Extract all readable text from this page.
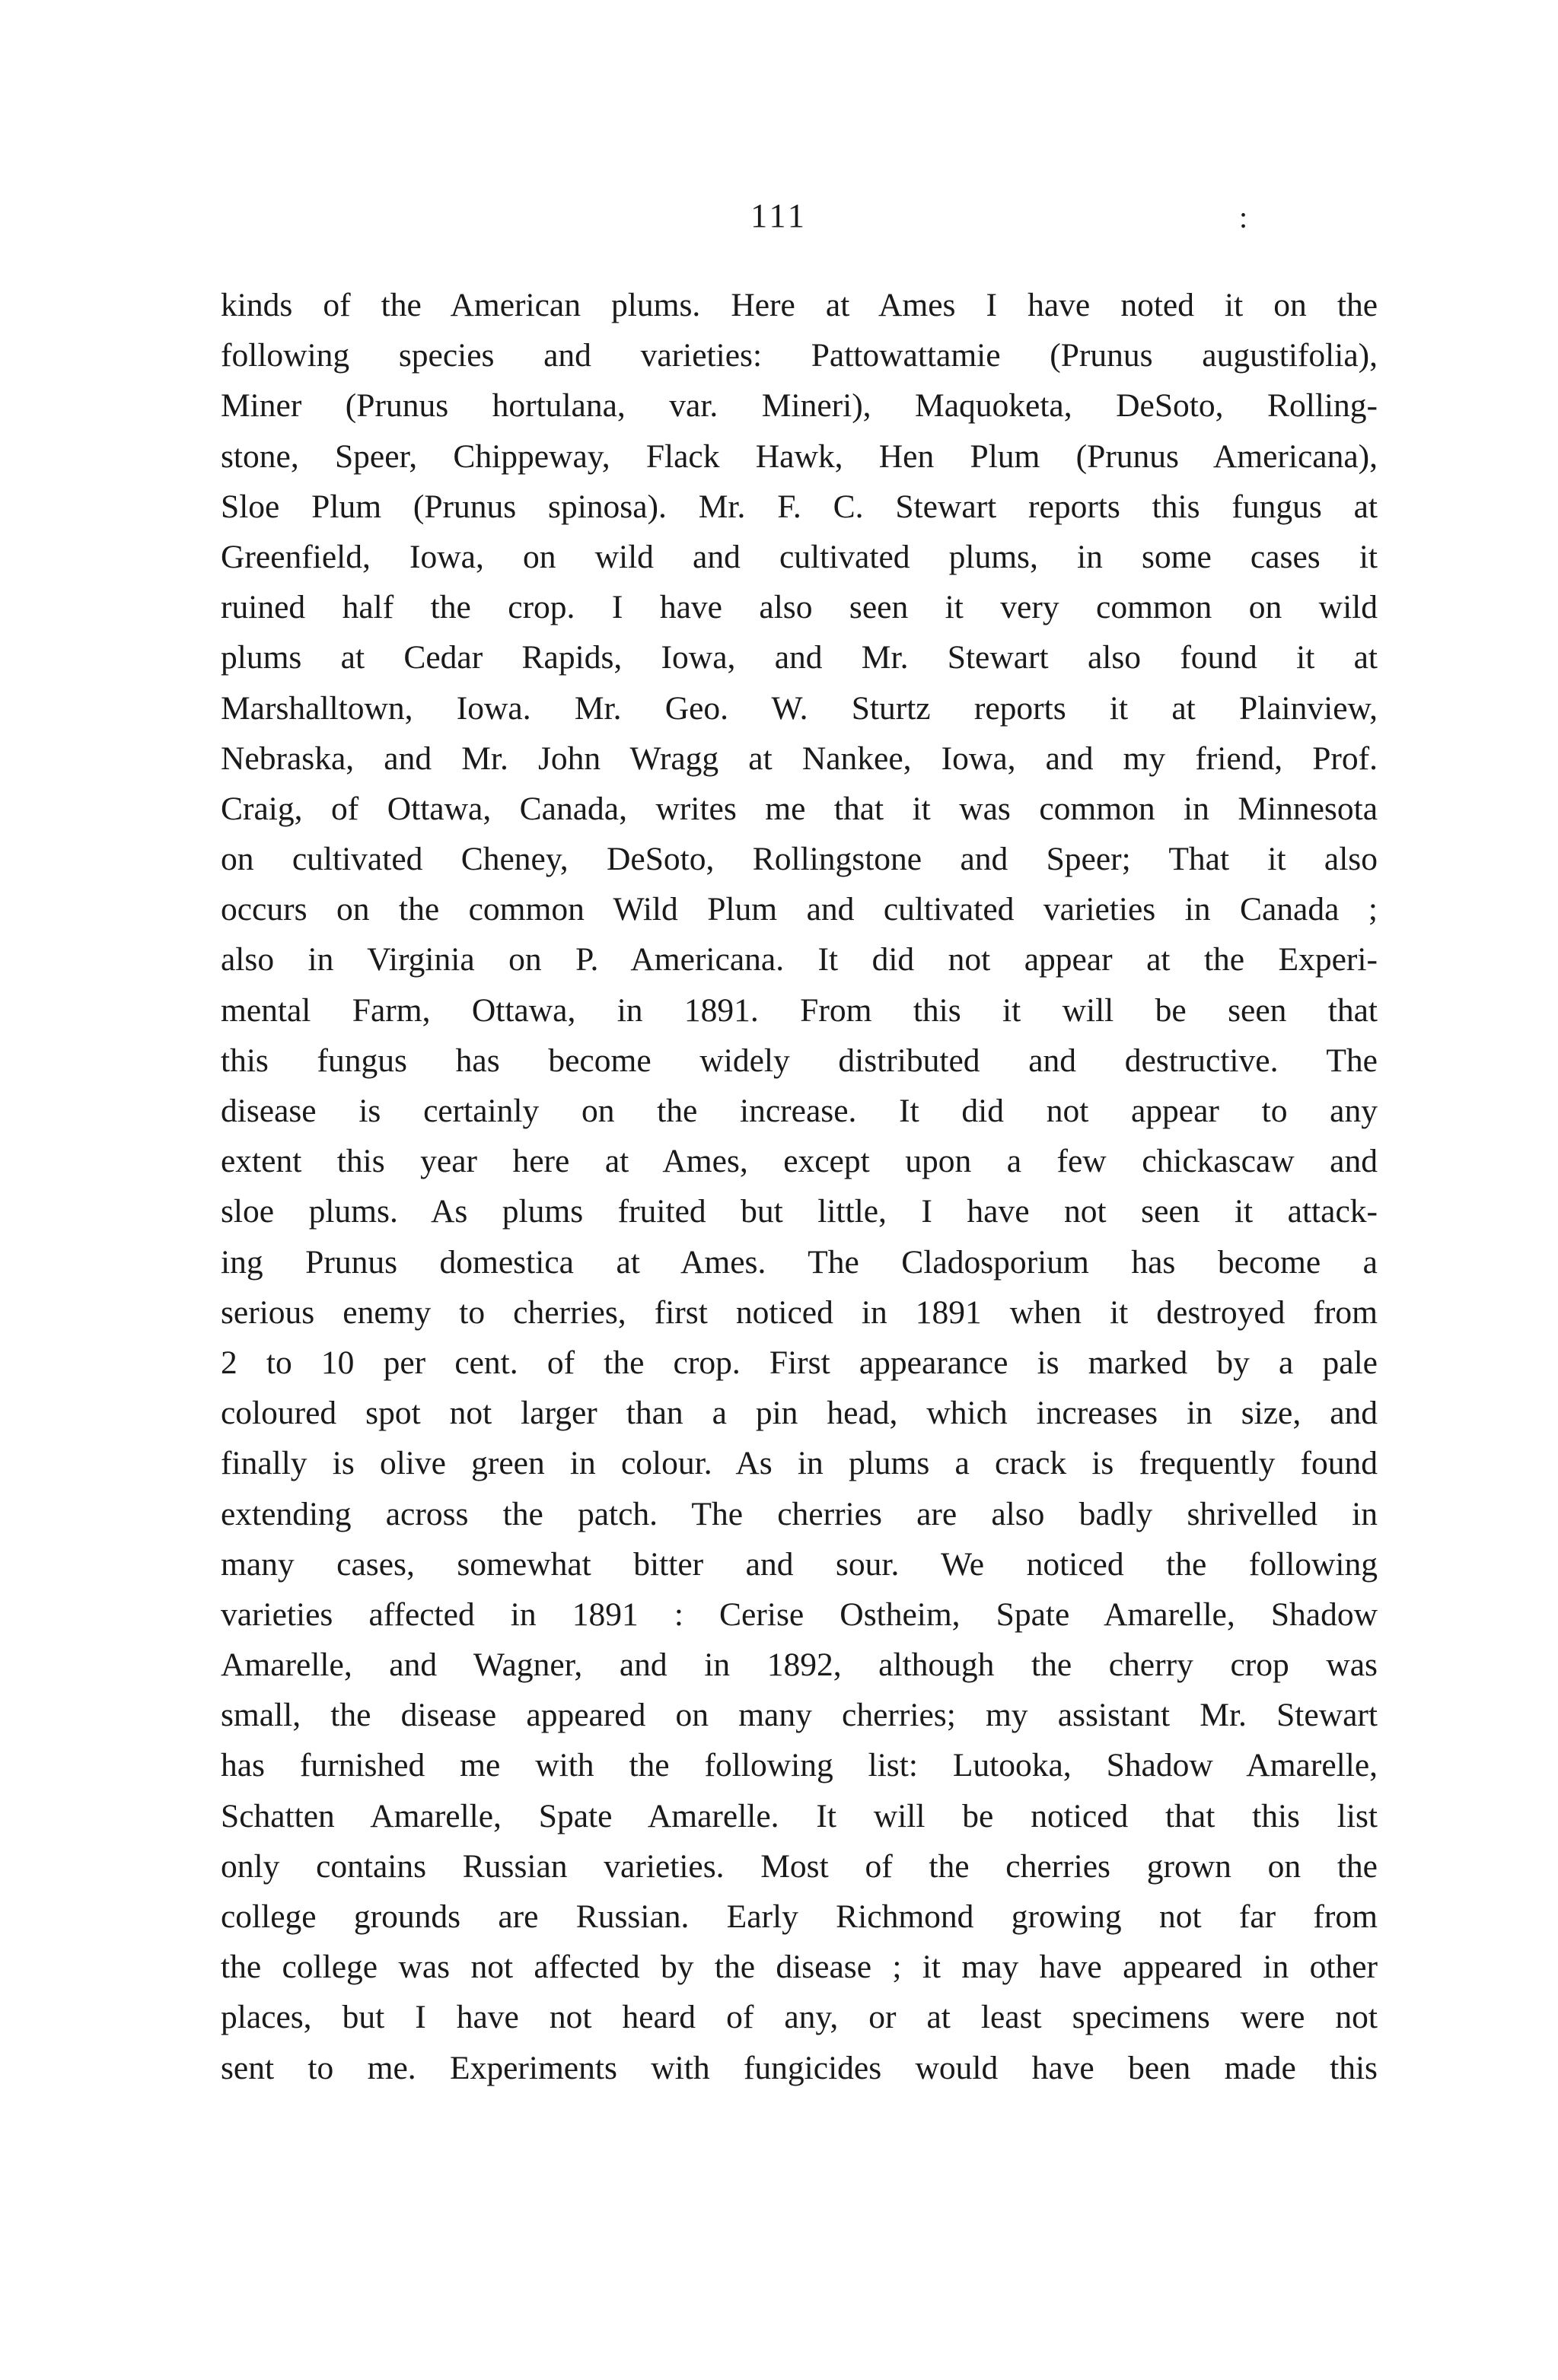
111	:
kinds of the American plums. Here at Ames I have noted it on the
following species and varieties: Pattowattamie (Prunus augustifolia),
Miner (Prunus hortulana, var. Mineri), Maquoketa, DeSoto, Rolling-
stone, Speer, Chippeway, Flack Hawk, Hen Plum (Prunus Americana),
Sloe Plum (Prunus spinosa). Mr. F. C. Stewart reports this fungus at
Greenfield, Iowa, on wild and cultivated plums, in some cases it
ruined half the crop. I have also seen it very common on wild
plums at Cedar Rapids, Iowa, and Mr. Stewart also found it at
Marshalltown, Iowa. Mr. Geo. W. Sturtz reports it at Plainview,
Nebraska, and Mr. John Wragg at Nankee, Iowa, and my friend, Prof.
Craig, of Ottawa, Canada, writes me that it was common in Minnesota
on cultivated Cheney, DeSoto, Rollingstone and Speer; That it also
occurs on the common Wild Plum and cultivated varieties in Canada ;
also in Virginia on P. Americana. It did not appear at the Experi-
mental Farm, Ottawa, in 1891. From this it will be seen that
this fungus has become widely distributed and destructive. The
disease is certainly on the increase. It did not appear to any
extent this year here at Ames, except upon a few chickascaw and
sloe plums. As plums fruited but little, I have not seen it attack-
ing Prunus domestica at Ames. The Cladosporium has become a
serious enemy to cherries, first noticed in 1891 when it destroyed from
2 to 10 per cent. of the crop. First appearance is marked by a pale
coloured spot not larger than a pin head, which increases in size, and
finally is olive green in colour. As in plums a crack is frequently found
extending across the patch. The cherries are also badly shrivelled in
many cases, somewhat bitter and sour. We noticed the following
varieties affected in 1891 : Cerise Ostheim, Spate Amarelle, Shadow
Amarelle, and Wagner, and in 1892, although the cherry crop was
small, the disease appeared on many cherries; my assistant Mr. Stewart
has furnished me with the following list: Lutooka, Shadow Amarelle,
Schatten Amarelle, Spate Amarelle. It will be noticed that this list
only contains Russian varieties. Most of the cherries grown on the
college grounds are Russian. Early Richmond growing not far from
the college was not affected by the disease ; it may have appeared in other
places, but I have not heard of any, or at least specimens were not
sent to me. Experiments with fungicides would have been made this
